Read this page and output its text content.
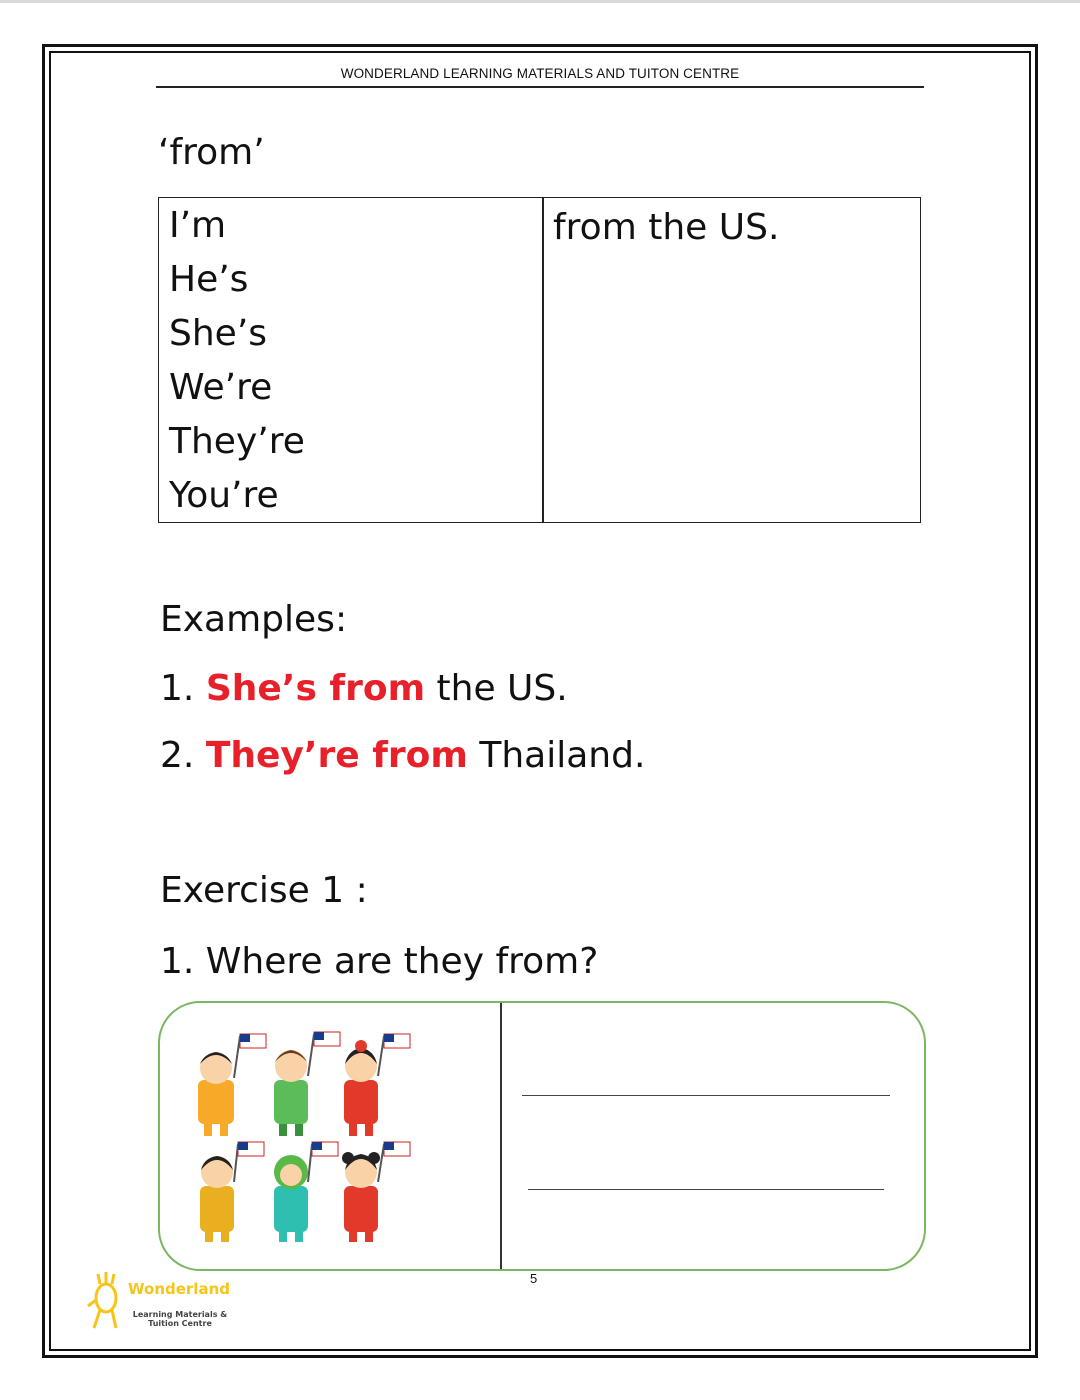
WONDERLAND LEARNING MATERIALS AND TUITON CENTRE
‘from’
I’m
He’s
She’s
We’re
They’re
You’re
from the US.
Examples:
1. She’s from the US.
2. They’re from Thailand.
Exercise 1 :
1. Where are they from?
5
Wonderland
Learning Materials &
Tuition Centre
